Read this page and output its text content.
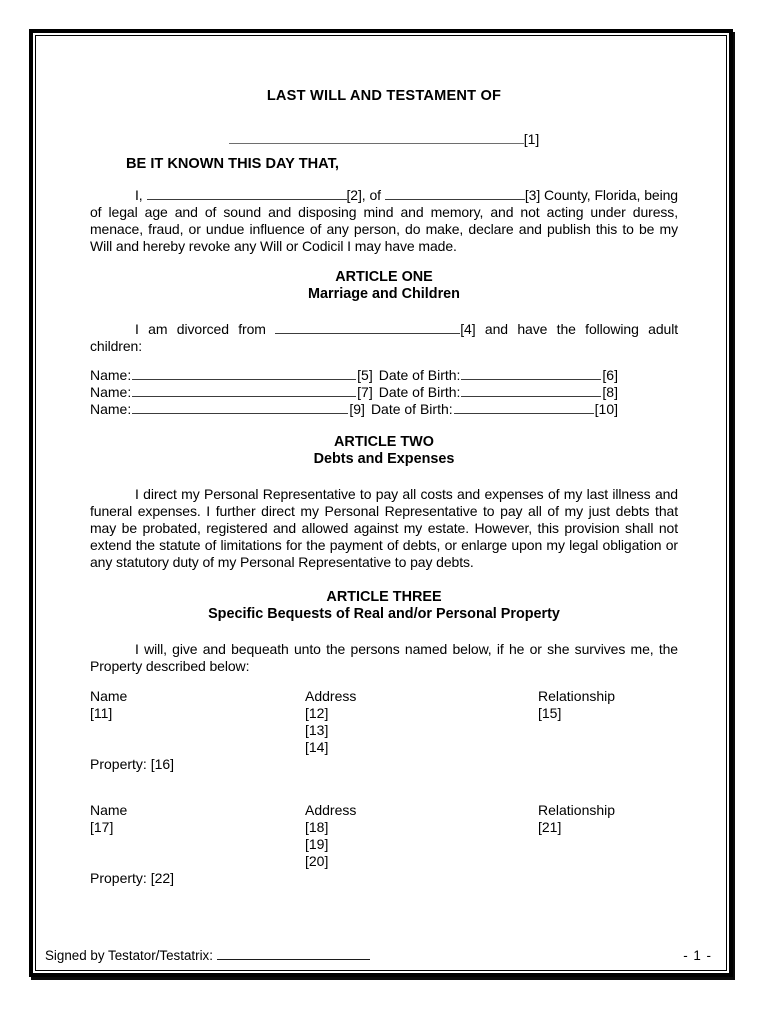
LAST WILL AND TESTAMENT OF
[1]
BE IT KNOWN THIS DAY THAT,

I,	[2], of	[3] County, Florida, being of legal age and of sound and disposing mind and memory, and not acting under duress, menace, fraud, or undue influence of any person, do make, declare and publish this to be my Will and hereby revoke any Will or Codicil I may have made.

ARTICLE ONE
Marriage and Children

I am divorced from	[4] and have the following adult children:

Name:	[5] Date of Birth:	[6]
Name:	[7] Date of Birth:	[8]
Name:	[9] Date of Birth:	[10]
ARTICLE TWO
Debts and Expenses

I direct my Personal Representative to pay all costs and expenses of my last illness and funeral expenses. I further direct my Personal Representative to pay all of my just debts that may be probated, registered and allowed against my estate. However, this provision shall not extend the statute of limitations for the payment of debts, or enlarge upon my legal obligation or any statutory duty of my Personal Representative to pay debts.

ARTICLE THREE
Specific Bequests of Real and/or Personal Property

I will, give and bequeath unto the persons named below, if he or she survives me, the Property described below:

Name	Address	Relationship
[11]	[12]	[15]
[13]
[14]
Property: [16]
Name	Address	Relationship
[17]	[18]	[21]
[19]
[20]
Property: [22]
Signed by Testator/Testatrix:	- 1 -
